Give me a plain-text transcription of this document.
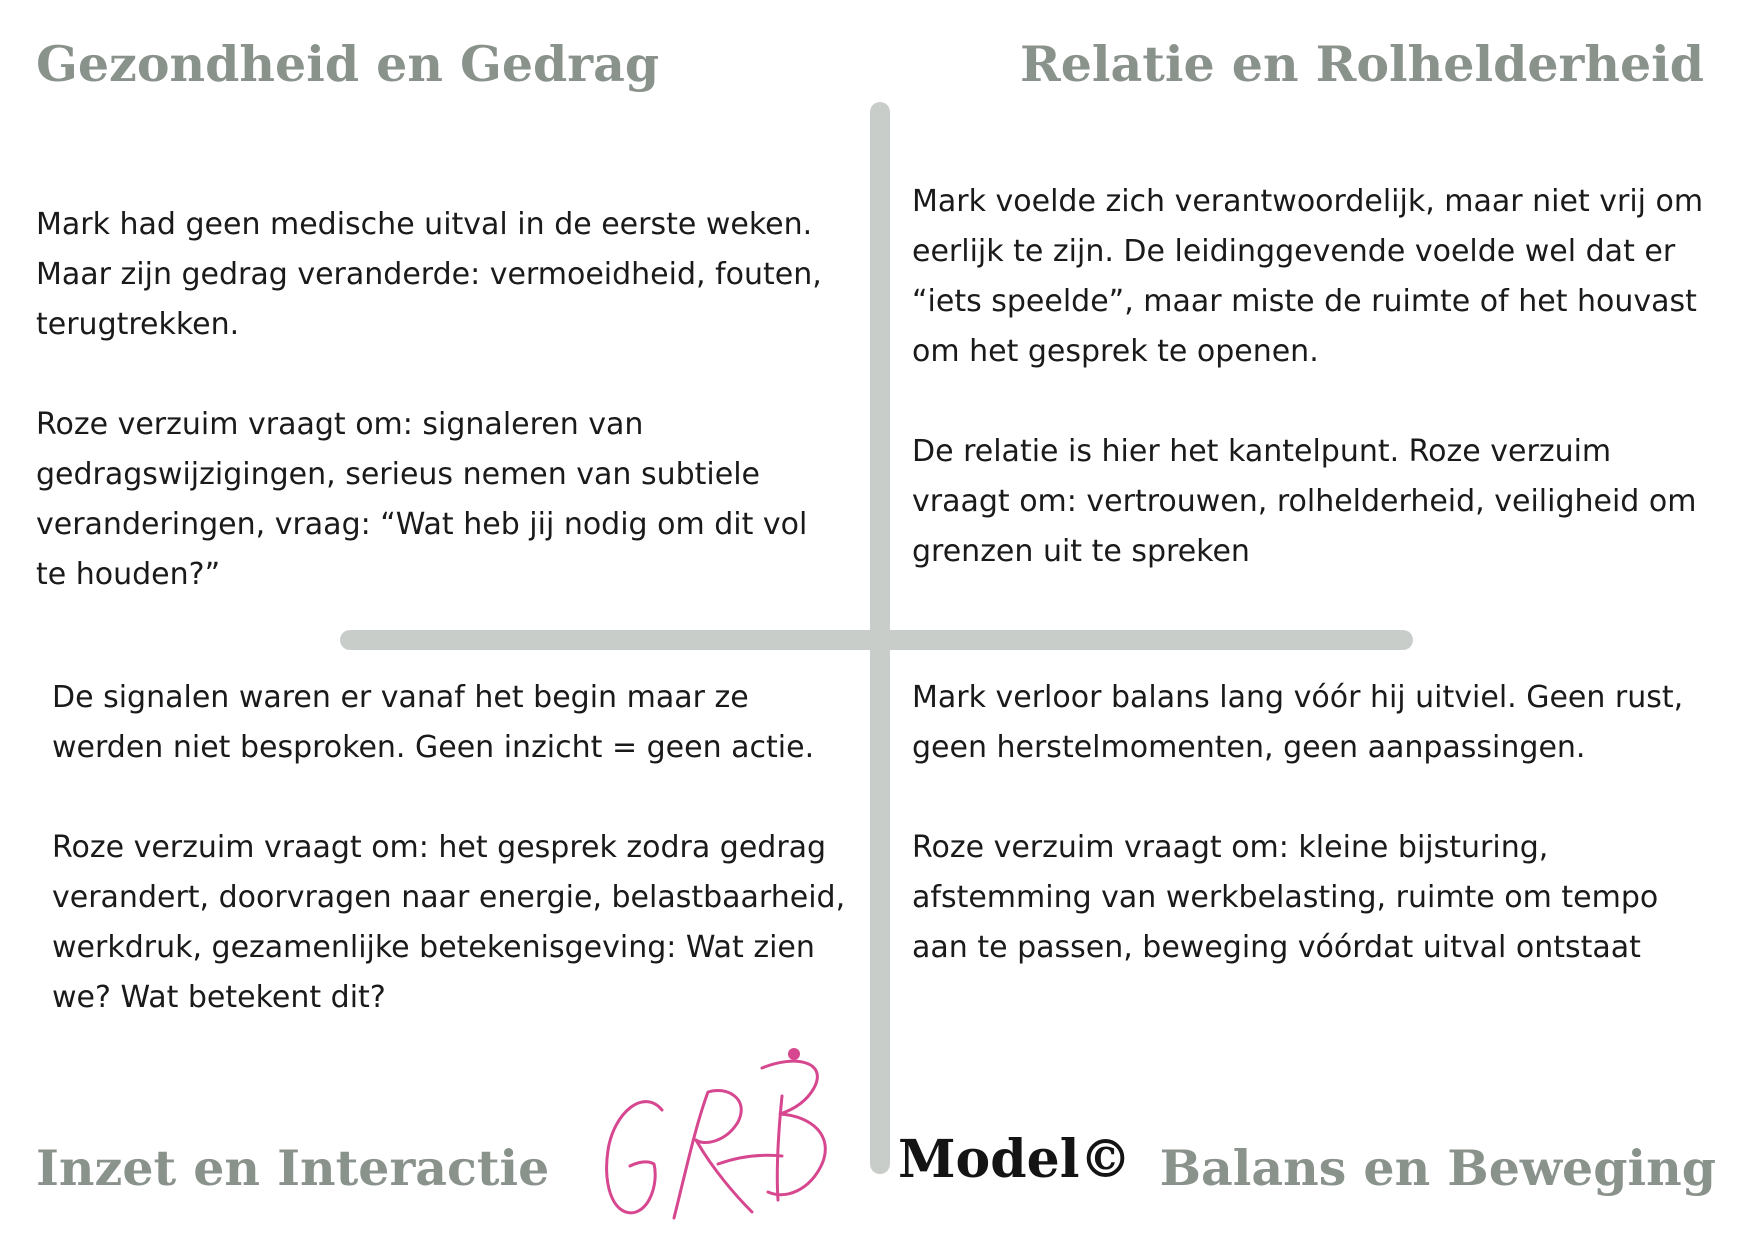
Gezondheid en Gedrag	Relatie en Rolhelderheid

Mark had geen medische uitval in de eerste weken. Maar zijn gedrag veranderde: vermoeidheid, fouten, terugtrekken.

Roze verzuim vraagt om: signaleren van gedragswijzigingen, serieus nemen van subtiele veranderingen, vraag: “Wat heb jij nodig om dit vol te houden?”

Mark voelde zich verantwoordelijk, maar niet vrij om eerlijk te zijn. De leidinggevende voelde wel dat er “iets speelde”, maar miste de ruimte of het houvast om het gesprek te openen.

De relatie is hier het kantelpunt. Roze verzuim vraagt om: vertrouwen, rolhelderheid, veiligheid om grenzen uit te spreken

De signalen waren er vanaf het begin maar ze werden niet besproken. Geen inzicht = geen actie.

Roze verzuim vraagt om: het gesprek zodra gedrag verandert, doorvragen naar energie, belastbaarheid, werkdruk, gezamenlijke betekenisgeving: Wat zien we? Wat betekent dit?

Mark verloor balans lang vóór hij uitviel. Geen rust, geen herstelmomenten, geen aanpassingen.

Roze verzuim vraagt om: kleine bijsturing, afstemming van werkbelasting, ruimte om tempo aan te passen, beweging vóórdat uitval ontstaat

Inzet en Interactie	Balans en Beweging
Model©
